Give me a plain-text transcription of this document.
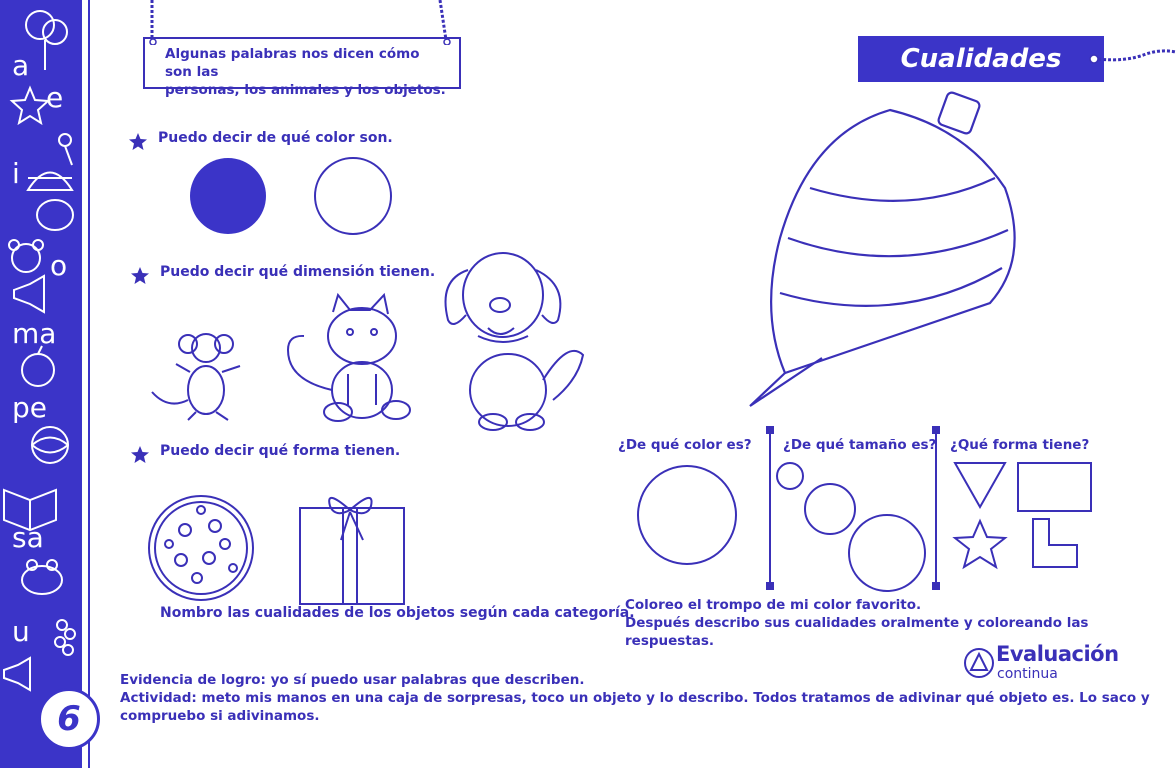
a
e
i
o
ma
pe
sa
u
6
Algunas palabras nos dicen cómo son las
personas, los animales y los objetos.
Cualidades
Puedo decir de qué color son.
Puedo decir qué dimensión tienen.
Puedo decir qué forma tienen.
Nombro las cualidades de los objetos según cada categoría.
¿De qué color es? ¿De qué tamaño es? ¿Qué forma tiene?
Coloreo el trompo de mi color favorito.
Después describo sus cualidades oralmente y coloreando las respuestas.
Evaluación
continua
Evidencia de logro: yo sí puedo usar palabras que describen.
Actividad: meto mis manos en una caja de sorpresas, toco un objeto y lo describo. Todos tratamos de adivinar qué objeto es. Lo saco y
compruebo si adivinamos.
